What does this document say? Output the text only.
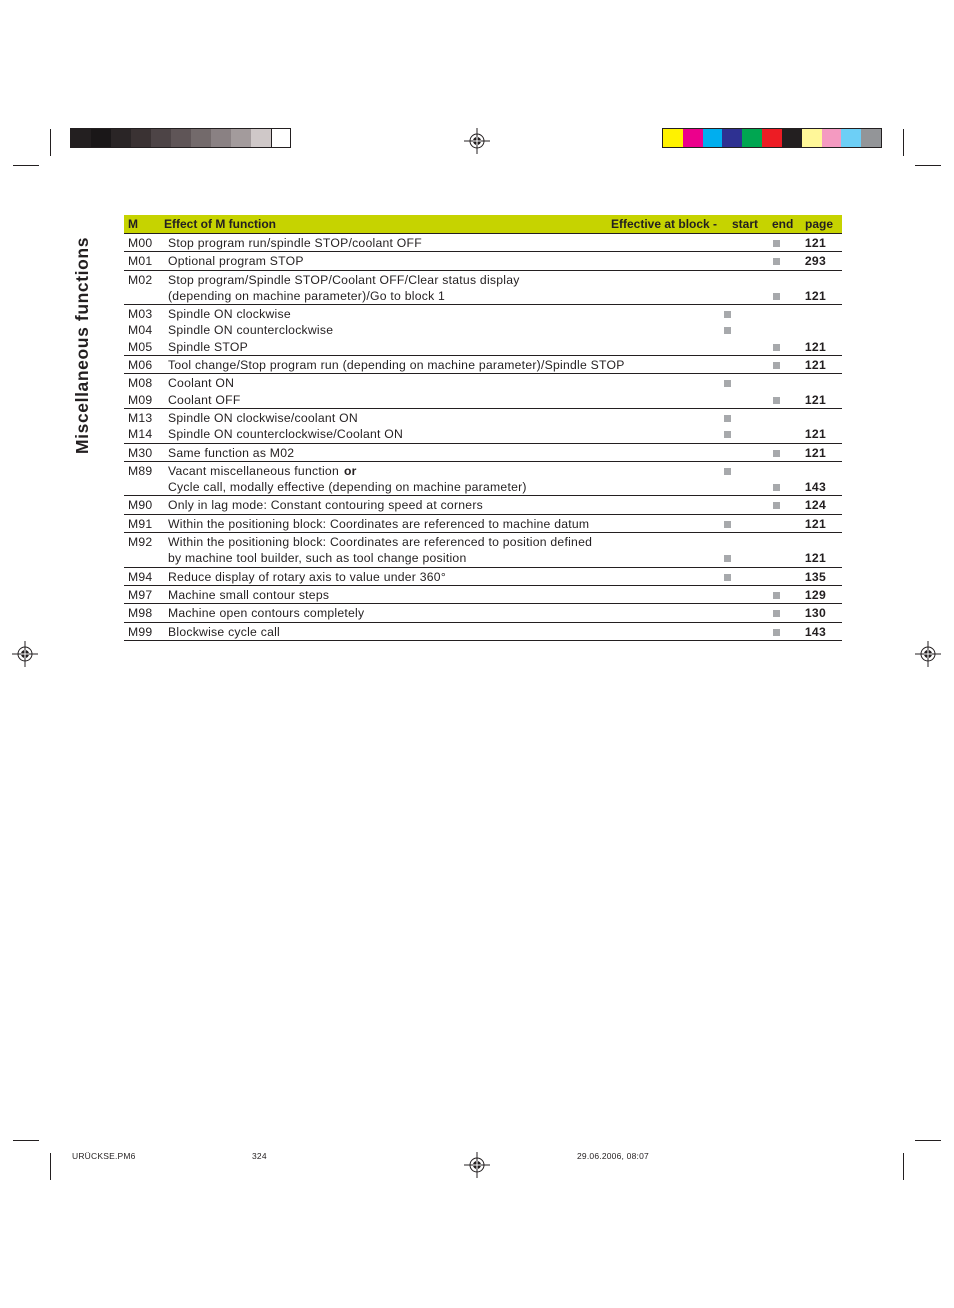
Miscellaneous functions
M Effect of M function	Effective at block - start end page
M00 Stop program run/spindle STOP/coolant OFF	121
M01 Optional program STOP	293
M02 Stop program/Spindle STOP/Coolant OFF/Clear status display
(depending on machine parameter)/Go to block 1	121
M03 Spindle ON clockwise
M04 Spindle ON counterclockwise
M05 Spindle STOP	121
M06 Tool change/Stop program run (depending on machine parameter)/Spindle STOP	121
M08 Coolant ON
M09 Coolant OFF	121
M13 Spindle ON clockwise/coolant ON
M14 Spindle ON counterclockwise/Coolant ON	121
M30 Same function as M02	121
M89 Vacant miscellaneous function or
Cycle call, modally effective (depending on machine parameter)	143
M90 Only in lag mode: Constant contouring speed at corners	124
M91 Within the positioning block: Coordinates are referenced to machine datum	121
M92 Within the positioning block: Coordinates are referenced to position defined
by machine tool builder, such as tool change position	121
M94 Reduce display of rotary axis to value under 360°	135
M97 Machine small contour steps	129
M98 Machine open contours completely	130
M99 Blockwise cycle call	143
URÜCKSE.PM6	324	29.06.2006, 08:07
